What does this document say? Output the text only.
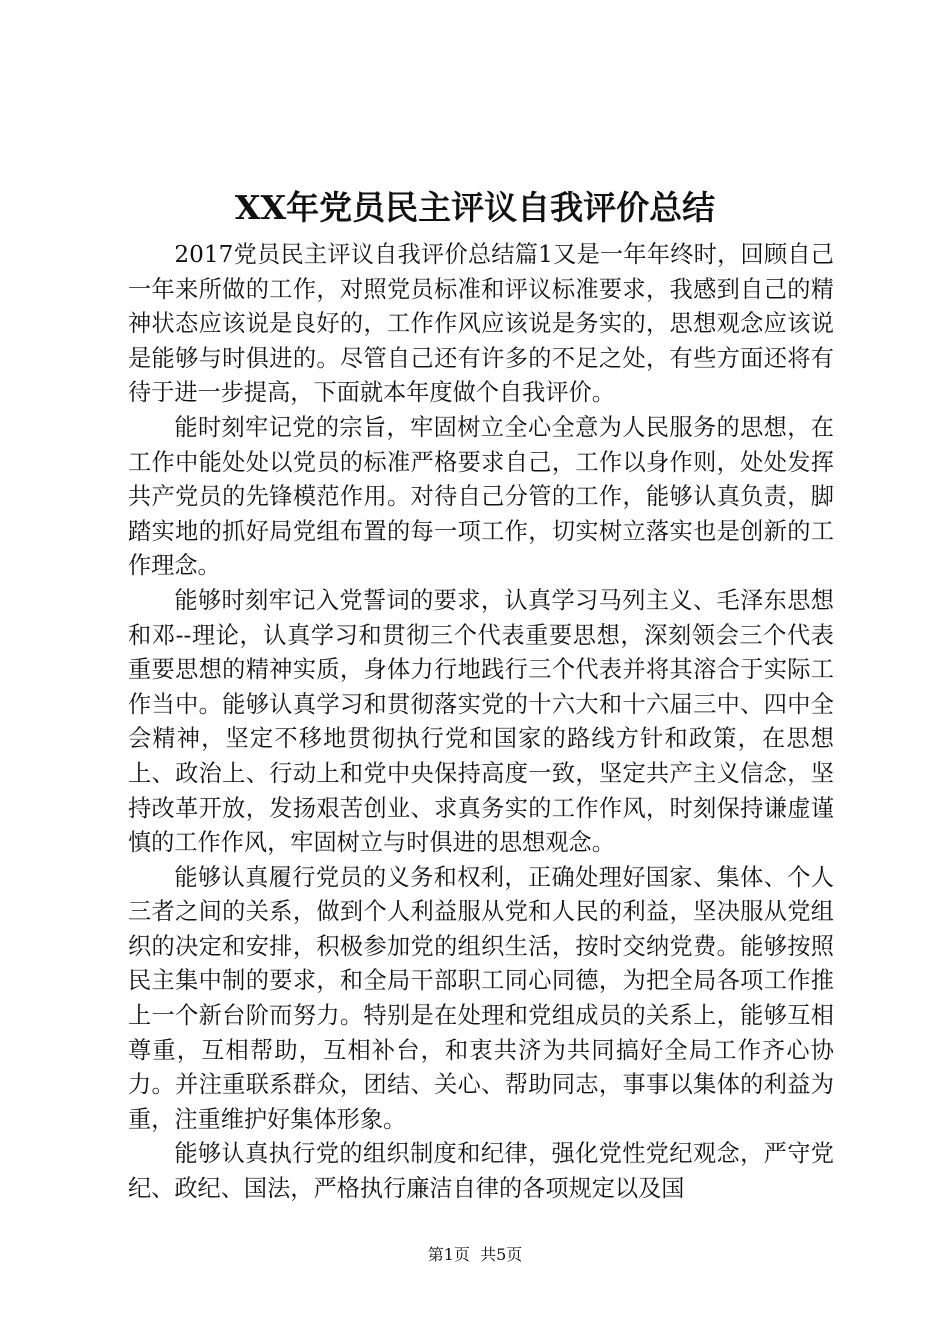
XX年党员民主评议自我评价总结

2017党员民主评议自我评价总结篇1又是一年年终时，回顾自己一年来所做的工作，对照党员标准和评议标准要求，我感到自己的精神状态应该说是良好的，工作作风应该说是务实的，思想观念应该说是能够与时俱进的。尽管自己还有许多的不足之处，有些方面还将有待于进一步提高，下面就本年度做个自我评价。

能时刻牢记党的宗旨，牢固树立全心全意为人民服务的思想，在工作中能处处以党员的标准严格要求自己，工作以身作则，处处发挥共产党员的先锋模范作用。对待自己分管的工作，能够认真负责，脚踏实地的抓好局党组布置的每一项工作，切实树立落实也是创新的工作理念。

能够时刻牢记入党誓词的要求，认真学习马列主义、毛泽东思想和邓--理论，认真学习和贯彻三个代表重要思想，深刻领会三个代表重要思想的精神实质，身体力行地践行三个代表并将其溶合于实际工作当中。能够认真学习和贯彻落实党的十六大和十六届三中、四中全会精神，坚定不移地贯彻执行党和国家的路线方针和政策，在思想上、政治上、行动上和党中央保持高度一致，坚定共产主义信念，坚持改革开放，发扬艰苦创业、求真务实的工作作风，时刻保持谦虚谨慎的工作作风，牢固树立与时俱进的思想观念。

能够认真履行党员的义务和权利，正确处理好国家、集体、个人三者之间的关系，做到个人利益服从党和人民的利益，坚决服从党组织的决定和安排，积极参加党的组织生活，按时交纳党费。能够按照民主集中制的要求，和全局干部职工同心同德，为把全局各项工作推上一个新台阶而努力。特别是在处理和党组成员的关系上，能够互相尊重，互相帮助，互相补台，和衷共济为共同搞好全局工作齐心协力。并注重联系群众，团结、关心、帮助同志，事事以集体的利益为重，注重维护好集体形象。

能够认真执行党的组织制度和纪律，强化党性党纪观念，严守党纪、政纪、国法，严格执行廉洁自律的各项规定以及国

第1页  共5页
